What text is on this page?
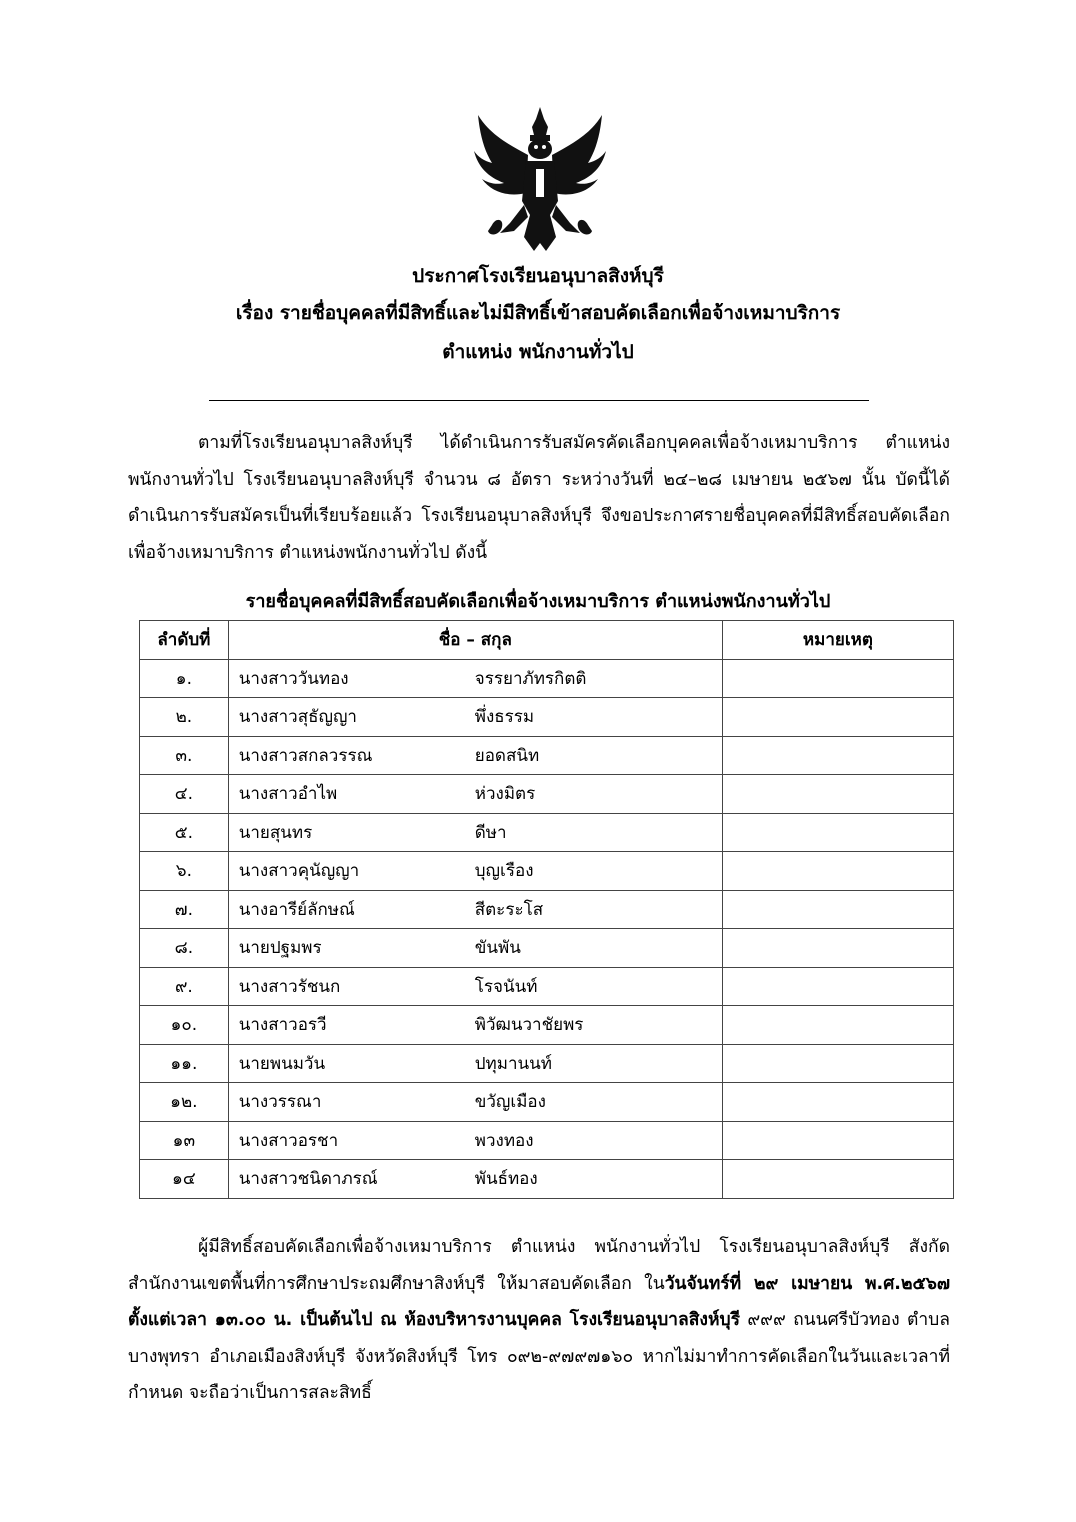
ประกาศโรงเรียนอนุบาลสิงห์บุรี
เรื่อง รายชื่อบุคคลที่มีสิทธิ์และไม่มีสิทธิ์เข้าสอบคัดเลือกเพื่อจ้างเหมาบริการ
ตำแหน่ง พนักงานทั่วไป
ตามที่โรงเรียนอนุบาลสิงห์บุรี ได้ดำเนินการรับสมัครคัดเลือกบุคคลเพื่อจ้างเหมาบริการ ตำแหน่ง พนักงานทั่วไป โรงเรียนอนุบาลสิงห์บุรี จำนวน ๘ อัตรา ระหว่างวันที่ ๒๔–๒๘ เมษายน ๒๕๖๗ นั้น บัดนี้ได้ดำเนินการรับสมัครเป็นที่เรียบร้อยแล้ว โรงเรียนอนุบาลสิงห์บุรี จึงขอประกาศรายชื่อบุคคลที่มีสิทธิ์สอบคัดเลือกเพื่อจ้างเหมาบริการ ตำแหน่งพนักงานทั่วไป ดังนี้
รายชื่อบุคคลที่มีสิทธิ์สอบคัดเลือกเพื่อจ้างเหมาบริการ ตำแหน่งพนักงานทั่วไป
ลำดับที่	ชื่อ – สกุล	หมายเหตุ
๑.	นางสาววันทอง จรรยาภัทรกิตติ	

๒.	นางสาวสุธัญญา พึ่งธรรม	

๓.	นางสาวสกลวรรณ ยอดสนิท	

๔.	นางสาวอำไพ ห่วงมิตร	

๕.	นายสุนทร ดีษา	

๖.	นางสาวคุนัญญา บุญเรือง	

๗.	นางอารีย์ลักษณ์ สีตะระโส	

๘.	นายปฐมพร ขันพัน	

๙.	นางสาวรัชนก โรจนันท์	

๑๐.	นางสาวอรวี พิวัฒนวาชัยพร	

๑๑.	นายพนมวัน ปทุมานนท์	

๑๒.	นางวรรณา ขวัญเมือง	

๑๓	นางสาวอรชา พวงทอง	

๑๔	นางสาวชนิดาภรณ์ พันธ์ทอง	

ผู้มีสิทธิ์สอบคัดเลือกเพื่อจ้างเหมาบริการ ตำแหน่ง พนักงานทั่วไป โรงเรียนอนุบาลสิงห์บุรี สังกัดสำนักงานเขตพื้นที่การศึกษาประถมศึกษาสิงห์บุรี ให้มาสอบคัดเลือก ในวันจันทร์ที่ ๒๙ เมษายน พ.ศ.๒๕๖๗ ตั้งแต่เวลา ๑๓.๐๐ น. เป็นต้นไป ณ ห้องบริหารงานบุคคล โรงเรียนอนุบาลสิงห์บุรี ๙๙๙ ถนนศรีบัวทอง ตำบลบางพุทรา อำเภอเมืองสิงห์บุรี จังหวัดสิงห์บุรี โทร ๐๙๒-๙๗๙๗๑๖๐ หากไม่มาทำการคัดเลือกในวันและเวลาที่กำหนด จะถือว่าเป็นการสละสิทธิ์
